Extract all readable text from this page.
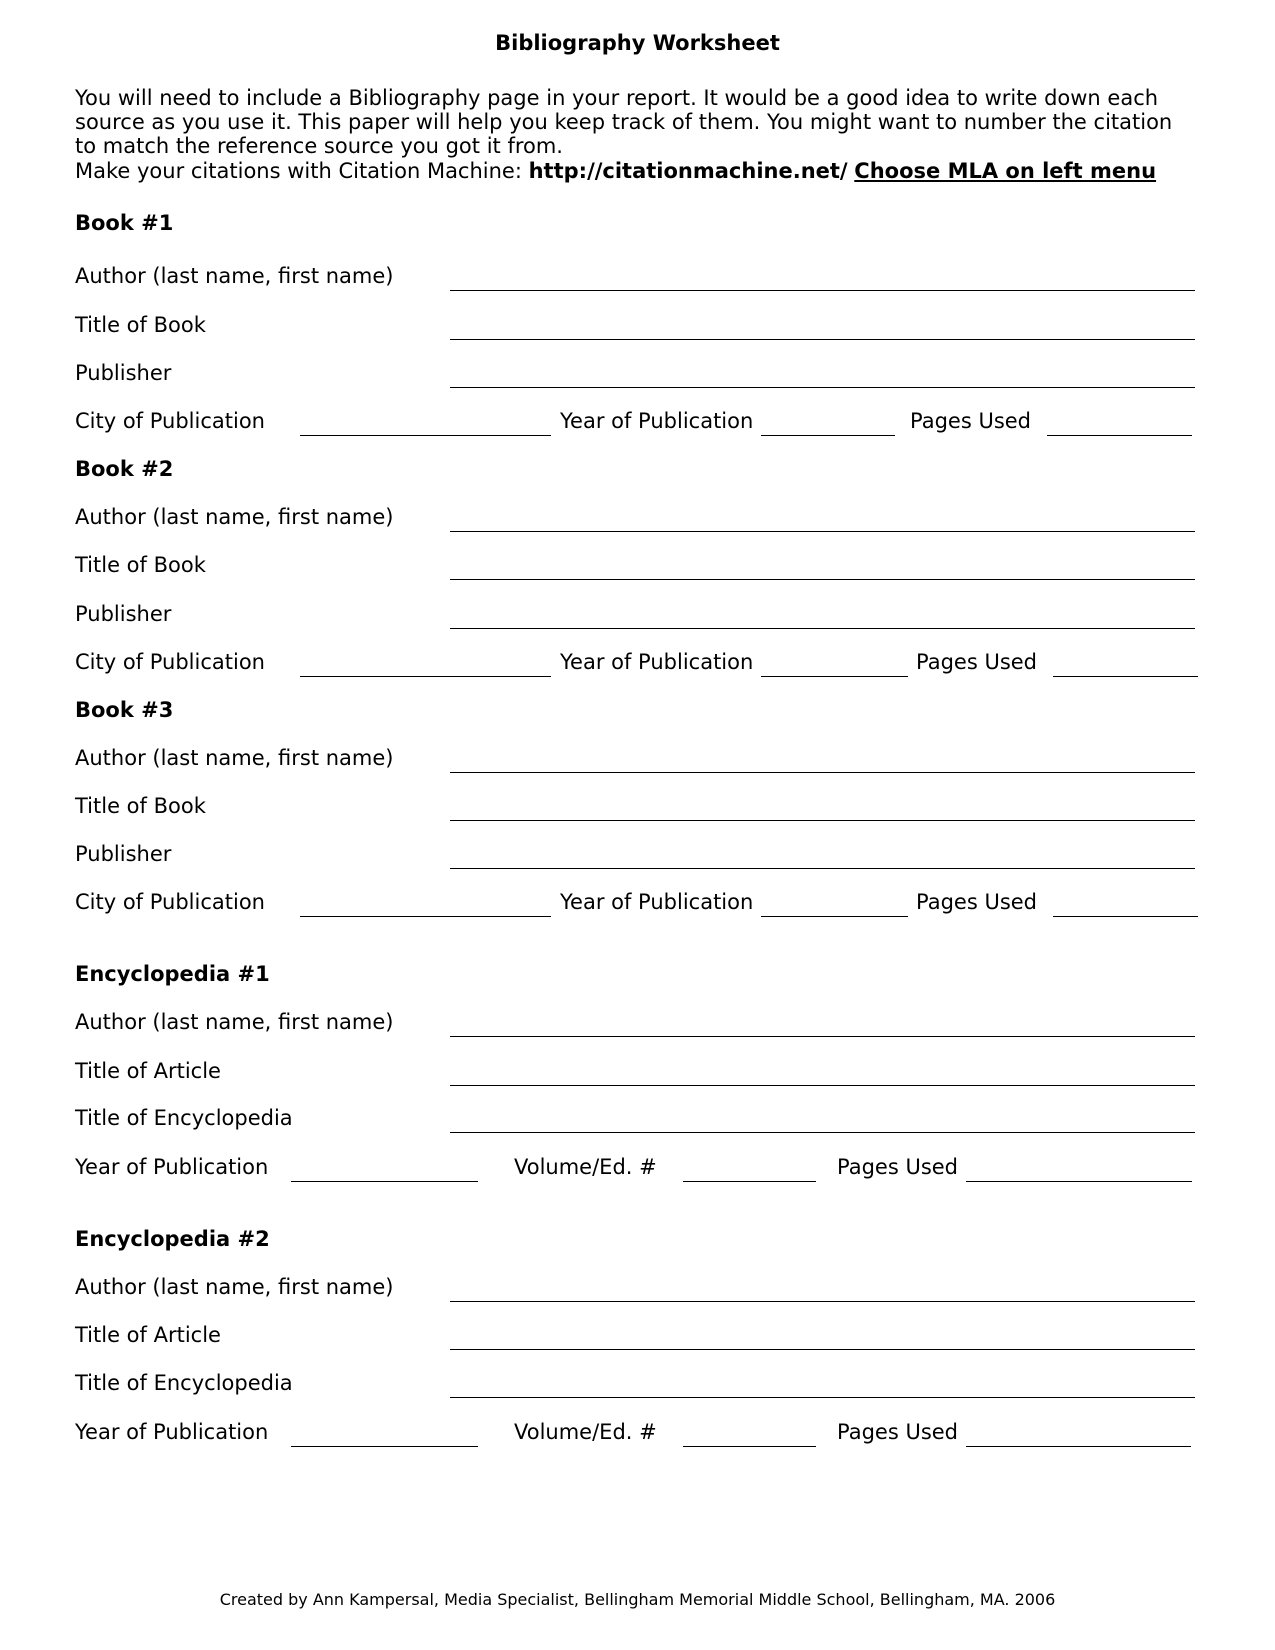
Bibliography Worksheet
You will need to include a Bibliography page in your report. It would be a good idea to write down each
source as you use it. This paper will help you keep track of them. You might want to number the citation
to match the reference source you got it from.
Make your citations with Citation Machine: http://citationmachine.net/ Choose MLA on left menu
Book #1
Author (last name, first name)
Title of Book
Publisher
City of Publication	Year of Publication	Pages Used
Book #2
Author (last name, first name)
Title of Book
Publisher
City of Publication	Year of Publication	Pages Used
Book #3
Author (last name, first name)
Title of Book
Publisher
City of Publication	Year of Publication	Pages Used
Encyclopedia #1
Author (last name, first name)
Title of Article
Title of Encyclopedia
Year of Publication	Volume/Ed. #	Pages Used
Encyclopedia #2
Author (last name, first name)
Title of Article
Title of Encyclopedia
Year of Publication	Volume/Ed. #	Pages Used
Created by Ann Kampersal, Media Specialist, Bellingham Memorial Middle School, Bellingham, MA. 2006
